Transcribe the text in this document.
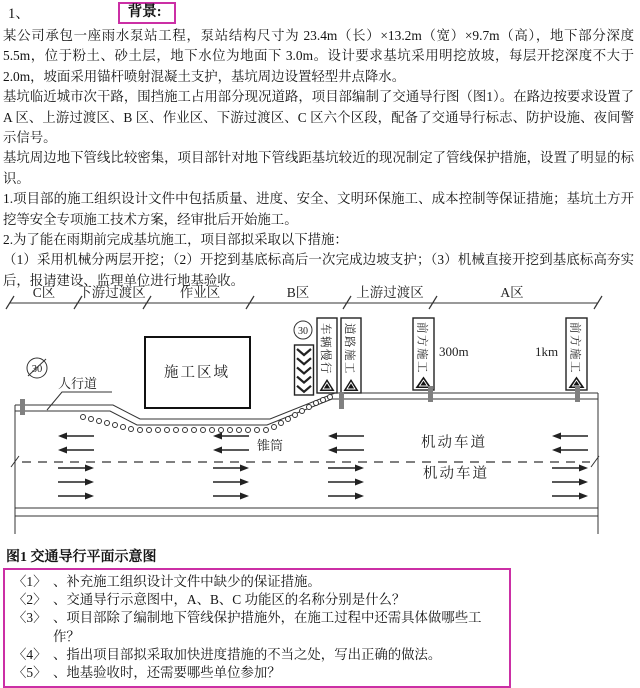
1、	背景:

某公司承包一座雨水泵站工程，泵站结构尺寸为 23.4m（长）×13.2m（宽）×9.7m（高），地下部分深度 5.5m，位于粉土、砂土层，地下水位为地面下 3.0m。设计要求基坑采用明挖放坡，每层开挖深度不大于 2.0m，坡面采用锚杆喷射混凝土支护，基坑周边设置轻型井点降水。

基坑临近城市次干路，围挡施工占用部分现况道路，项目部编制了交通导行图（图1）。在路边按要求设置了 A 区、上游过渡区、B 区、作业区、下游过渡区、C 区六个区段，配备了交通导行标志、防护设施、夜间警示信号。

基坑周边地下管线比较密集，项目部针对地下管线距基坑较近的现况制定了管线保护措施，设置了明显的标识。

1.项目部的施工组织设计文件中包括质量、进度、安全、文明环保施工、成本控制等保证措施；基坑土方开挖等安全专项施工技术方案，经审批后开始施工。

2.为了能在雨期前完成基坑施工，项目部拟采取以下措施：

（1）采用机械分两层开挖；（2）开挖到基底标高后一次完成边坡支护；（3）机械直接开挖到基底标高夯实后，报请建设、监理单位进行地基验收。

C区 下游过渡区	作业区	B区	上游过渡区	A区
30
30 车辆慢行 道路施工	前方施工 300m	前方施工
1km
施工区域
人行道
锥筒	机动车道
机动车道
图1 交通导行平面示意图
〈1〉 、补充施工组织设计文件中缺少的保证措施。
〈2〉 、交通导行示意图中，A、B、C 功能区的名称分别是什么？
〈3〉 、项目部除了编制地下管线保护措施外，在施工过程中还需具体做哪些工作？
〈4〉 、指出项目部拟采取加快进度措施的不当之处，写出正确的做法。
〈5〉 、地基验收时，还需要哪些单位参加？
